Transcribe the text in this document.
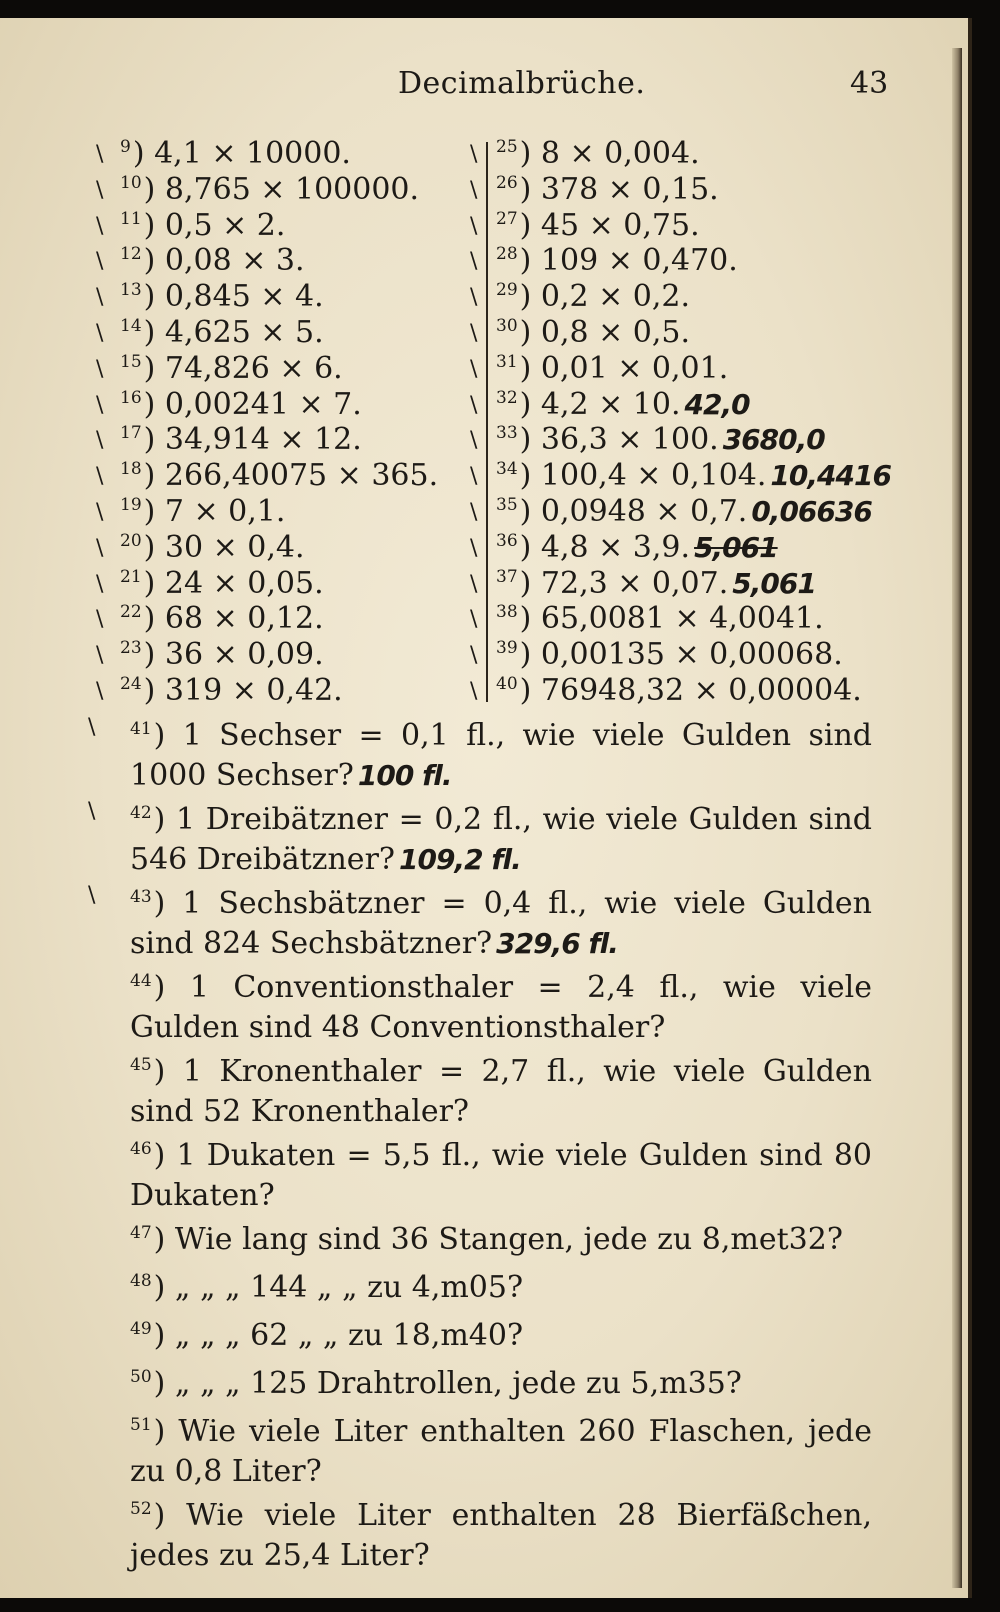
Decimalbrüche.	43
\ $^9$) 4,1 × 10000.
\ $^{10}$) 8,765 × 100000.
\ $^{11}$) 0,5 × 2.
\ $^{12}$) 0,08 × 3.
\ $^{13}$) 0,845 × 4.
\ $^{14}$) 4,625 × 5.
\ $^{15}$) 74,826 × 6.
\ $^{16}$) 0,00241 × 7.
\ $^{17}$) 34,914 × 12.
\ $^{18}$) 266,40075 × 365.
\ $^{19}$) 7 × 0,1.
\ $^{20}$) 30 × 0,4.
\ $^{21}$) 24 × 0,05.
\ $^{22}$) 68 × 0,12.
\ $^{23}$) 36 × 0,09.
\ $^{24}$) 319 × 0,42.
\ $^{25}$) 8 × 0,004.
\ $^{26}$) 378 × 0,15.
\ $^{27}$) 45 × 0,75.
\ $^{28}$) 109 × 0,470.
\ $^{29}$) 0,2 × 0,2.
\ $^{30}$) 0,8 × 0,5.
\ $^{31}$) 0,01 × 0,01.
\ $^{32}$) 4,2 × 10. 42,0
\ $^{33}$) 36,3 × 100. 3680,0
\ $^{34}$) 100,4 × 0,104. 10,4416
\ $^{35}$) 0,0948 × 0,7. 0,06636
\ $^{36}$) 4,8 × 3,9. 5,061
\ $^{37}$) 72,3 × 0,07. 5,061
\ $^{38}$) 65,0081 × 4,0041.
\ $^{39}$) 0,00135 × 0,00068.
\ $^{40}$) 76948,32 × 0,00004.
\ $^{41}$) 1 Sechser = 0,1 fl., wie viele Gulden sind 1000 Sechser? 100 fl.
\ $^{42}$) 1 Dreibätzner = 0,2 fl., wie viele Gulden sind 546 Dreibätzner? 109,2 fl.
\ $^{43}$) 1 Sechsbätzner = 0,4 fl., wie viele Gulden sind 824 Sechsbätzner? 329,6 fl.
$^{44}$) 1 Conventionsthaler = 2,4 fl., wie viele Gulden sind 48 Conventionsthaler?
$^{45}$) 1 Kronenthaler = 2,7 fl., wie viele Gulden sind 52 Kronenthaler?
$^{46}$) 1 Dukaten = 5,5 fl., wie viele Gulden sind 80 Dukaten?
$^{47}$) Wie lang sind 36 Stangen, jede zu 8,met32?
$^{48}$) „ „ „ 144 „ „ zu 4,m05?
$^{49}$) „ „ „ 62 „ „ zu 18,m40?
$^{50}$) „ „ „ 125 Drahtrollen, jede zu 5,m35?
$^{51}$) Wie viele Liter enthalten 260 Flaschen, jede zu 0,8 Liter?
$^{52}$) Wie viele Liter enthalten 28 Bierfäßchen, jedes zu 25,4 Liter?
